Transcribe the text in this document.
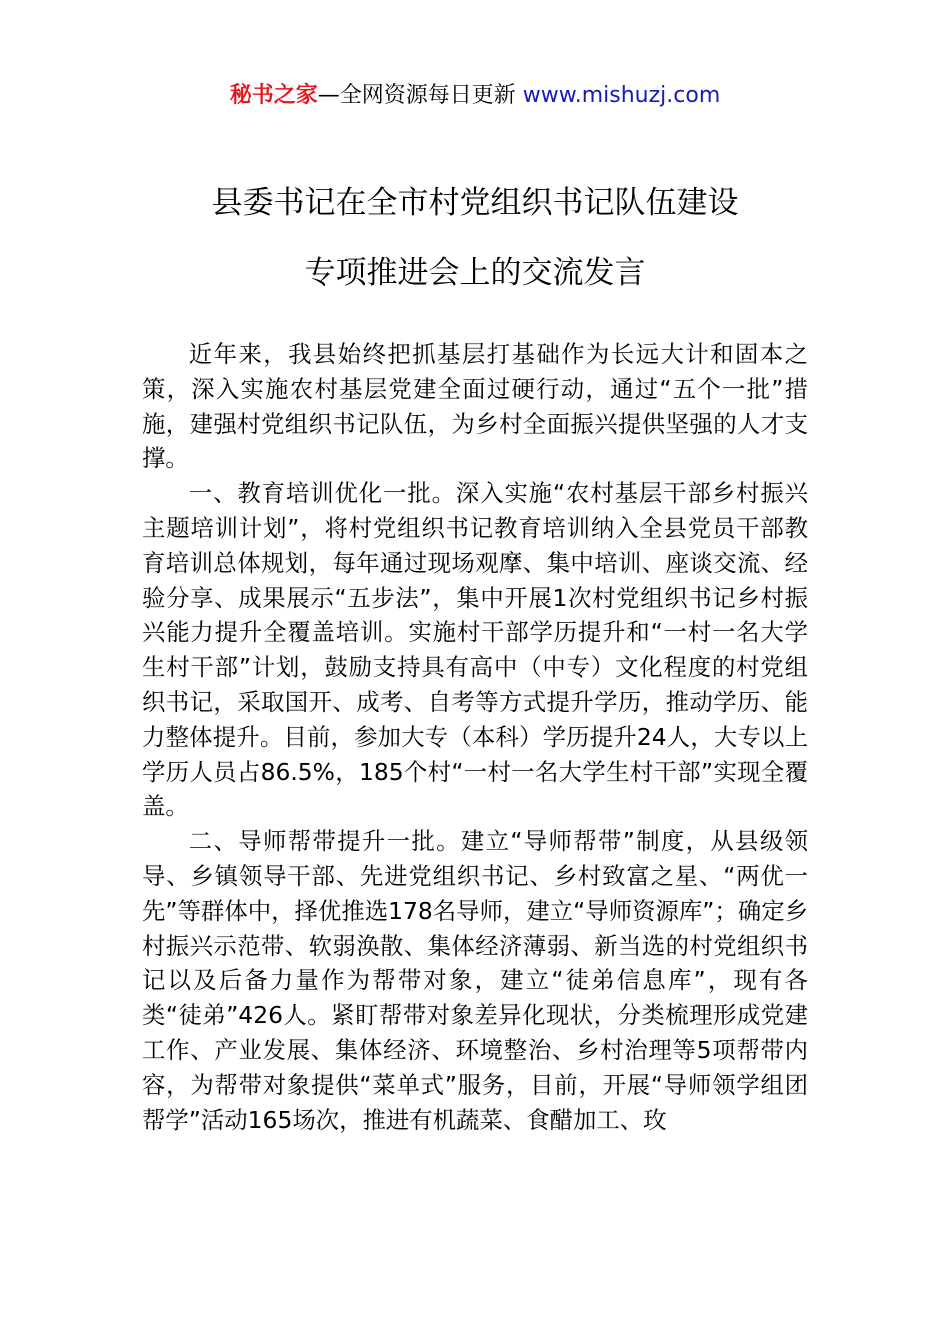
秘书之家—全网资源每日更新 www.mishuzj.com
县委书记在全市村党组织书记队伍建设
专项推进会上的交流发言

近年来，我县始终把抓基层打基础作为长远大计和固本之策，深入实施农村基层党建全面过硬行动，通过“五个一批”措施，建强村党组织书记队伍，为乡村全面振兴提供坚强的人才支撑。

一、教育培训优化一批。深入实施“农村基层干部乡村振兴主题培训计划”，将村党组织书记教育培训纳入全县党员干部教育培训总体规划，每年通过现场观摩、集中培训、座谈交流、经验分享、成果展示“五步法”，集中开展1次村党组织书记乡村振兴能力提升全覆盖培训。实施村干部学历提升和“一村一名大学生村干部”计划，鼓励支持具有高中（中专）文化程度的村党组织书记，采取国开、成考、自考等方式提升学历，推动学历、能力整体提升。目前，参加大专（本科）学历提升24人，大专以上学历人员占86.5%，185个村“一村一名大学生村干部”实现全覆盖。

二、导师帮带提升一批。建立“导师帮带”制度，从县级领导、乡镇领导干部、先进党组织书记、乡村致富之星、“两优一先”等群体中，择优推选178名导师，建立“导师资源库”；确定乡村振兴示范带、软弱涣散、集体经济薄弱、新当选的村党组织书记以及后备力量作为帮带对象，建立“徒弟信息库”，现有各类“徒弟”426人。紧盯帮带对象差异化现状，分类梳理形成党建工作、产业发展、集体经济、环境整治、乡村治理等5项帮带内容，为帮带对象提供“菜单式”服务，目前，开展“导师领学组团帮学”活动165场次，推进有机蔬菜、食醋加工、玫
